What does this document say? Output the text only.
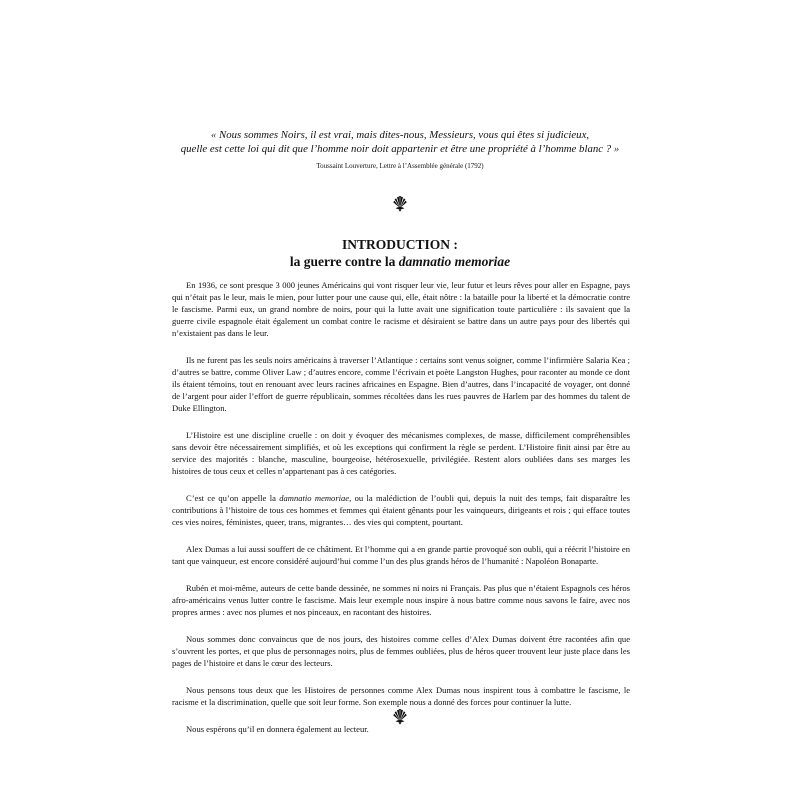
« Nous sommes Noirs, il est vrai, mais dites-nous, Messieurs, vous qui êtes si judicieux,
quelle est cette loi qui dit que l’homme noir doit appartenir et être une propriété à l’homme blanc ? »

Toussaint Louverture, Lettre à l’Assemblée générale (1792)

INTRODUCTION :

la guerre contre la damnatio memoriae

En 1936, ce sont presque 3 000 jeunes Américains qui vont risquer leur vie, leur futur et leurs rêves pour aller en Espagne, pays qui n’était pas le leur, mais le mien, pour lutter pour une cause qui, elle, était nôtre : la bataille pour la liberté et la démocratie contre le fascisme. Parmi eux, un grand nombre de noirs, pour qui la lutte avait une signification toute particulière : ils savaient que la guerre civile espagnole était également un combat contre le racisme et désiraient se battre dans un autre pays pour des libertés qui n’existaient pas dans le leur.

Ils ne furent pas les seuls noirs américains à traverser l’Atlantique : certains sont venus soigner, comme l’infirmière Salaria Kea ; d’autres se battre, comme Oliver Law ; d’autres encore, comme l’écrivain et poète Langston Hughes, pour raconter au monde ce dont ils étaient témoins, tout en renouant avec leurs racines africaines en Espagne. Bien d’autres, dans l’incapacité de voyager, ont donné de l’argent pour aider l’effort de guerre républicain, sommes récoltées dans les rues pauvres de Harlem par des hommes du talent de Duke Ellington.

L’Histoire est une discipline cruelle : on doit y évoquer des mécanismes complexes, de masse, difficilement compréhensibles sans devoir être nécessairement simplifiés, et où les exceptions qui confirment la règle se perdent. L’Histoire finit ainsi par être au service des majorités : blanche, masculine, bourgeoise, hétérosexuelle, privilégiée. Restent alors oubliées dans ses marges les histoires de tous ceux et celles n’appartenant pas à ces catégories.

C’est ce qu’on appelle la damnatio memoriae, ou la malédiction de l’oubli qui, depuis la nuit des temps, fait disparaître les contributions à l’histoire de tous ces hommes et femmes qui étaient gênants pour les vainqueurs, dirigeants et rois ; qui efface toutes ces vies noires, féministes, queer, trans, migrantes… des vies qui comptent, pourtant.

Alex Dumas a lui aussi souffert de ce châtiment. Et l’homme qui a en grande partie provoqué son oubli, qui a réécrit l’histoire en tant que vainqueur, est encore considéré aujourd’hui comme l’un des plus grands héros de l’humanité : Napoléon Bonaparte.

Rubén et moi-même, auteurs de cette bande dessinée, ne sommes ni noirs ni Français. Pas plus que n’étaient Espagnols ces héros afro-américains venus lutter contre le fascisme. Mais leur exemple nous inspire à nous battre comme nous savons le faire, avec nos propres armes : avec nos plumes et nos pinceaux, en racontant des histoires.

Nous sommes donc convaincus que de nos jours, des histoires comme celles d’Alex Dumas doivent être racontées afin que s’ouvrent les portes, et que plus de personnages noirs, plus de femmes oubliées, plus de héros queer trouvent leur juste place dans les pages de l’histoire et dans le cœur des lecteurs.

Nous pensons tous deux que les Histoires de personnes comme Alex Dumas nous inspirent tous à combattre le fascisme, le racisme et la discrimination, quelle que soit leur forme. Son exemple nous a donné des forces pour continuer la lutte.

Nous espérons qu’il en donnera également au lecteur.
